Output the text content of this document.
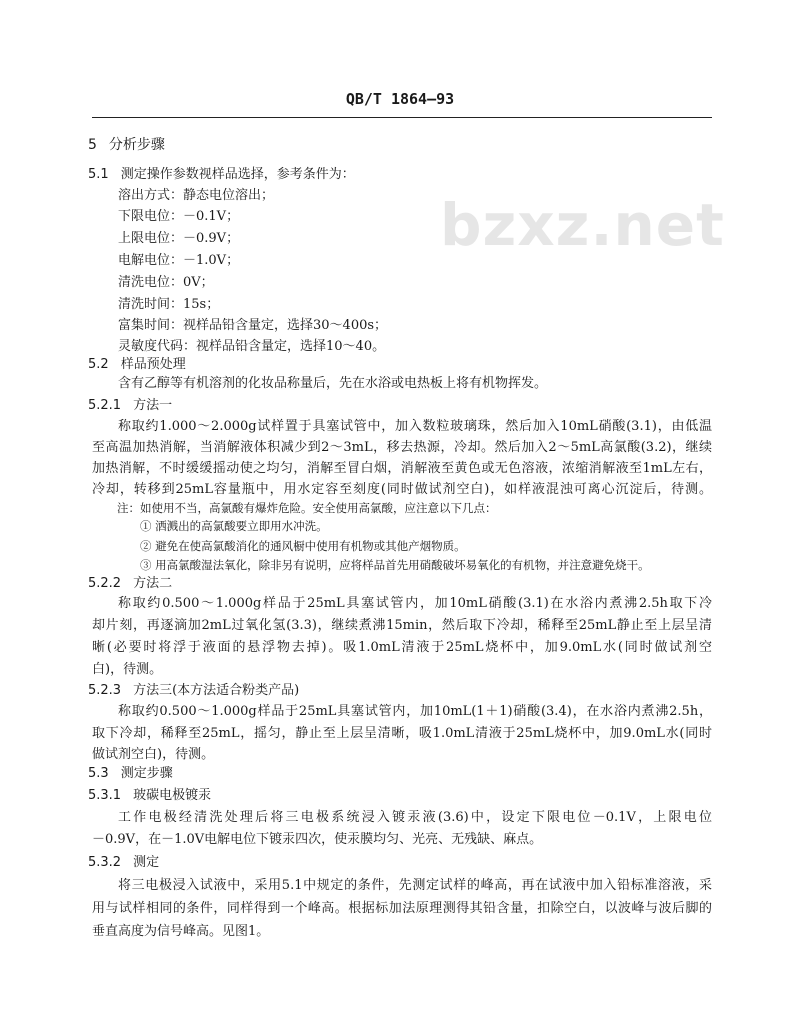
bzxz.net
QB/T 1864—93
5 分析步骤
5.1 测定操作参数视样品选择，参考条件为：
溶出方式：静态电位溶出；
下限电位：－0.1V；
上限电位：－0.9V；
电解电位：－1.0V；
清洗电位：0V；
清洗时间：15s；
富集时间：视样品铅含量定，选择30～400s；
灵敏度代码：视样品铅含量定，选择10～40。
5.2 样品预处理
含有乙醇等有机溶剂的化妆品称量后，先在水浴或电热板上将有机物挥发。
5.2.1 方法一
称取约1.000～2.000g试样置于具塞试管中，加入数粒玻璃珠，然后加入10mL硝酸(3.1)，由低温
至高温加热消解，当消解液体积减少到2～3mL，移去热源，冷却。然后加入2～5mL高氯酸(3.2)，继续
加热消解，不时缓缓摇动使之均匀，消解至冒白烟，消解液至黄色或无色溶液，浓缩消解液至1mL左右，
冷却，转移到25mL容量瓶中，用水定容至刻度(同时做试剂空白)，如样液混浊可离心沉淀后，待测。
注：如使用不当，高氯酸有爆炸危险。安全使用高氯酸，应注意以下几点：
① 洒溅出的高氯酸要立即用水冲洗。
② 避免在使高氯酸消化的通风橱中使用有机物或其他产烟物质。
③ 用高氯酸湿法氧化，除非另有说明，应将样品首先用硝酸破坏易氧化的有机物，并注意避免烧干。
5.2.2 方法二
称取约0.500～1.000g样品于25mL具塞试管内，加10mL硝酸(3.1)在水浴内煮沸2.5h取下冷
却片刻，再逐滴加2mL过氧化氢(3.3)，继续煮沸15min，然后取下冷却，稀释至25mL静止至上层呈清
晰(必要时将浮于液面的悬浮物去掉)。吸1.0mL清液于25mL烧杯中，加9.0mL水(同时做试剂空
白)，待测。
5.2.3 方法三(本方法适合粉类产品)
称取约0.500～1.000g样品于25mL具塞试管内，加10mL(1＋1)硝酸(3.4)，在水浴内煮沸2.5h，
取下冷却，稀释至25mL，摇匀，静止至上层呈清晰，吸1.0mL清液于25mL烧杯中，加9.0mL水(同时
做试剂空白)，待测。
5.3 测定步骤
5.3.1 玻碳电极镀汞
工作电极经清洗处理后将三电极系统浸入镀汞液(3.6)中，设定下限电位－0.1V，上限电位
－0.9V，在－1.0V电解电位下镀汞四次，使汞膜均匀、光亮、无残缺、麻点。
5.3.2 测定
将三电极浸入试液中，采用5.1中规定的条件，先测定试样的峰高，再在试液中加入铅标准溶液，采
用与试样相同的条件，同样得到一个峰高。根据标加法原理测得其铅含量，扣除空白，以波峰与波后脚的
垂直高度为信号峰高。见图1。
